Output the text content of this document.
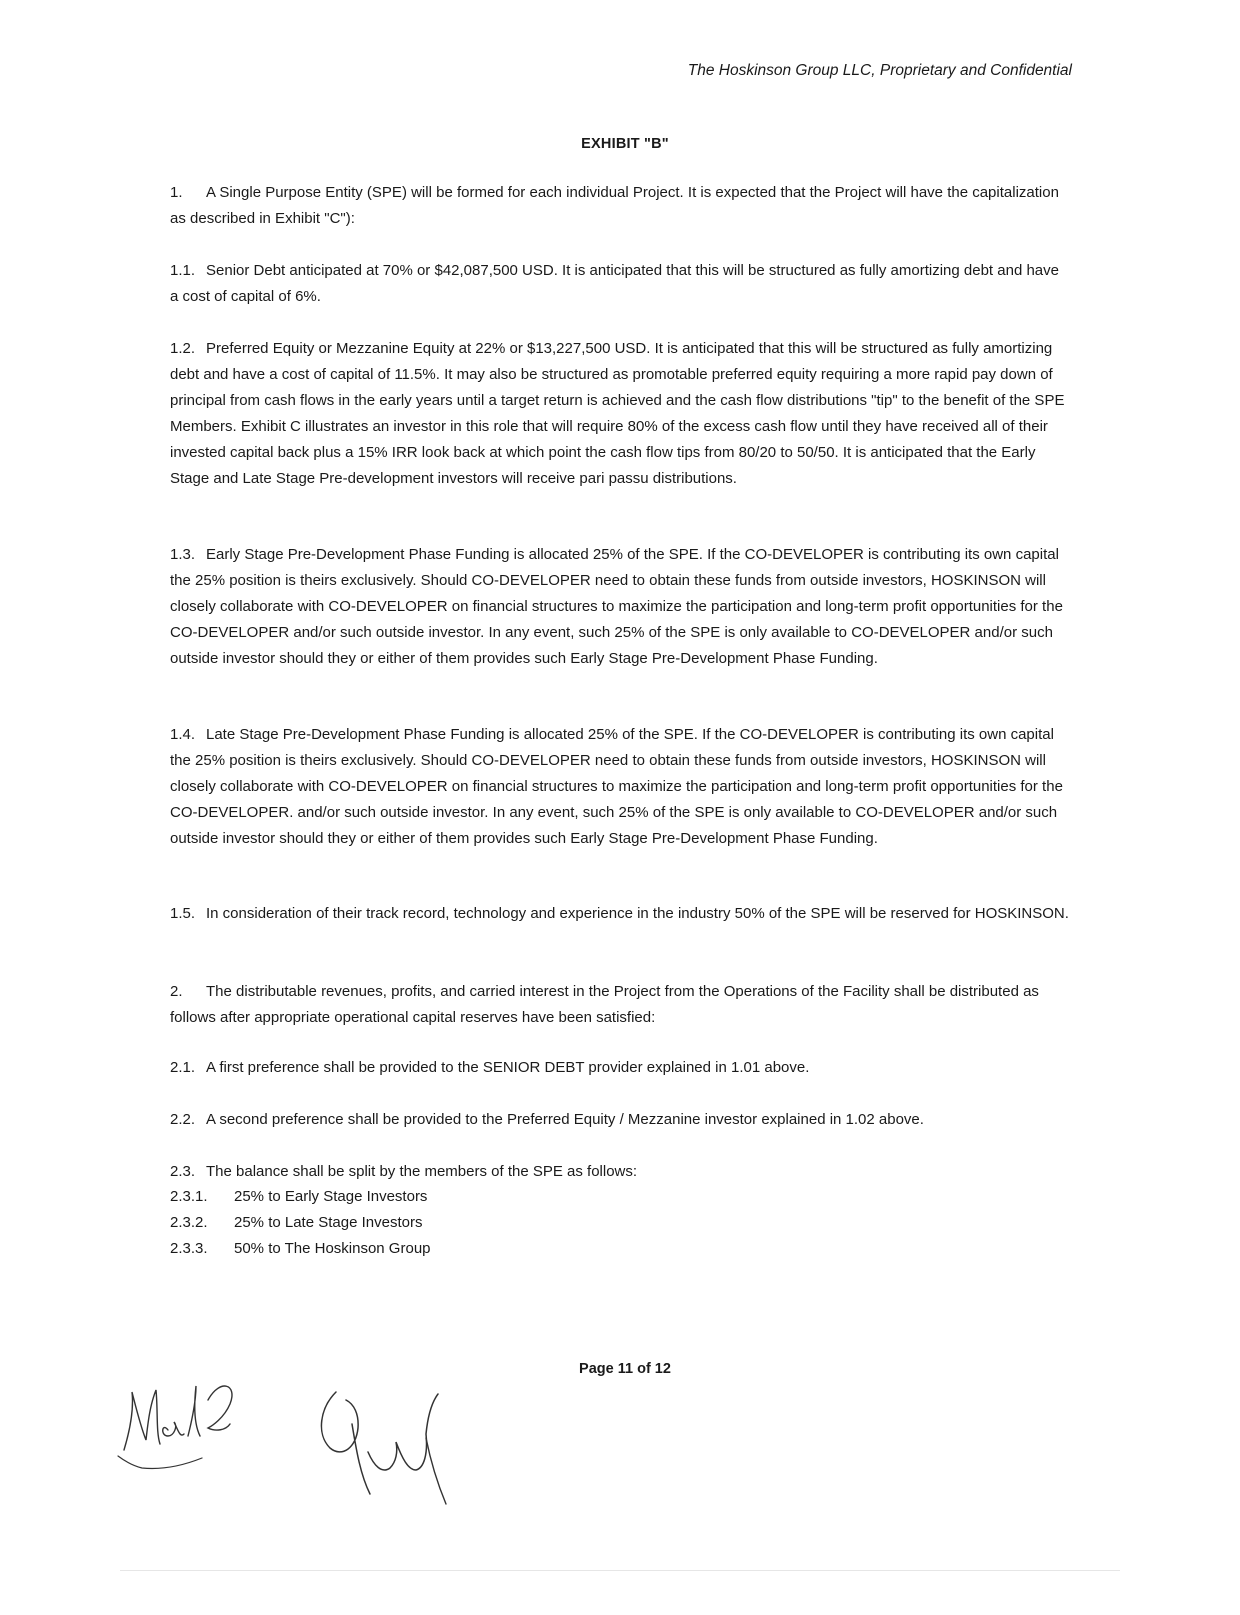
The Hoskinson Group LLC, Proprietary and Confidential
EXHIBIT "B"

1. A Single Purpose Entity (SPE) will be formed for each individual Project. It is expected that the Project will have the capitalization as described in Exhibit "C"):

1.1. Senior Debt anticipated at 70% or $42,087,500 USD. It is anticipated that this will be structured as fully amortizing debt and have a cost of capital of 6%.

1.2. Preferred Equity or Mezzanine Equity at 22% or $13,227,500 USD. It is anticipated that this will be structured as fully amortizing debt and have a cost of capital of 11.5%. It may also be structured as promotable preferred equity requiring a more rapid pay down of principal from cash flows in the early years until a target return is achieved and the cash flow distributions "tip" to the benefit of the SPE Members. Exhibit C illustrates an investor in this role that will require 80% of the excess cash flow until they have received all of their invested capital back plus a 15% IRR look back at which point the cash flow tips from 80/20 to 50/50. It is anticipated that the Early Stage and Late Stage Pre-development investors will receive pari passu distributions.

1.3. Early Stage Pre-Development Phase Funding is allocated 25% of the SPE. If the CO-DEVELOPER is contributing its own capital the 25% position is theirs exclusively. Should CO-DEVELOPER need to obtain these funds from outside investors, HOSKINSON will closely collaborate with CO-DEVELOPER on financial structures to maximize the participation and long-term profit opportunities for the CO-DEVELOPER and/or such outside investor. In any event, such 25% of the SPE is only available to CO-DEVELOPER and/or such outside investor should they or either of them provides such Early Stage Pre-Development Phase Funding.

1.4. Late Stage Pre-Development Phase Funding is allocated 25% of the SPE. If the CO-DEVELOPER is contributing its own capital the 25% position is theirs exclusively. Should CO-DEVELOPER need to obtain these funds from outside investors, HOSKINSON will closely collaborate with CO-DEVELOPER on financial structures to maximize the participation and long-term profit opportunities for the CO-DEVELOPER. and/or such outside investor. In any event, such 25% of the SPE is only available to CO-DEVELOPER and/or such outside investor should they or either of them provides such Early Stage Pre-Development Phase Funding.

1.5. In consideration of their track record, technology and experience in the industry 50% of the SPE will be reserved for HOSKINSON.

2. The distributable revenues, profits, and carried interest in the Project from the Operations of the Facility shall be distributed as follows after appropriate operational capital reserves have been satisfied:

2.1. A first preference shall be provided to the SENIOR DEBT provider explained in 1.01 above.

2.2. A second preference shall be provided to the Preferred Equity / Mezzanine investor explained in 1.02 above.

2.3. The balance shall be split by the members of the SPE as follows:

2.3.1. 25% to Early Stage Investors
2.3.2. 25% to Late Stage Investors
2.3.3. 50% to The Hoskinson Group
Page 11 of 12
